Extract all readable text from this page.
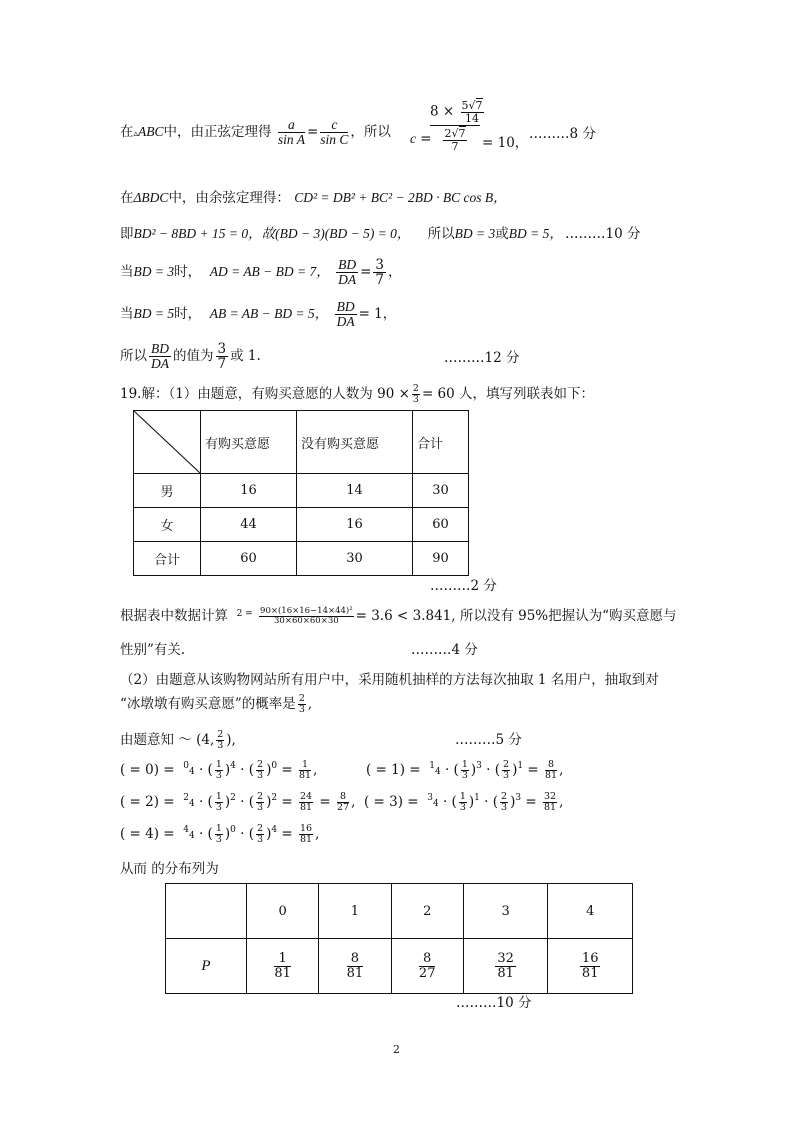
在▵ABC中，由正弦定理得 $\frac{a}{\text{sin A}} = \frac{c}{\text{sin C}}$ ，所以 c =
$8 \times \frac{5√7}{14}$
$\frac{2√7}{7} = 10$，
………8 分
在ΔBDC中，由余弦定理得： CD² = DB² + BC² − 2BD · BC cos B，
即BD² − 8BD + 15 = 0，故(BD − 3)(BD − 5) = 0， 所以BD = 3或BD = 5， ………10 分
当BD = 3时， AD = AB − BD = 7， $\frac{BD}{DA} = \frac{3}{7}$ ，
当BD = 5时， AB = AB − BD = 5， $\frac{BD}{DA} = 1$，
所以 $\frac{BD}{DA}$ 的值为 $\frac{3}{7}$ 或 1.	………12 分
19.解：（1）由题意，有购买意愿的人数为 $90 \times \frac{2}{3} = 60$ 人，填写列联表如下：
	有购买意愿	没有购买意愿	合计
男	16	14	30
女	44	16	60
合计	60	30	90
………2 分
根据表中数据计算 $^{2 =} \frac{\text{90×(16×16−14×44)²}}{30\times 60\times 60\times 30} = 3.6 < 3.841$, 所以没有 95%把握认为“购买意愿与
性别”有关.	………4 分
（2）由题意从该购物网站所有用户中，采用随机抽样的方法每次抽取 1 名用户，抽取到对
“冰墩墩有购买意愿”的概率是 $\frac{2}{3}$ ,
由题意知 ～ (4, $\frac{2}{3}$ ),	………5 分
( = 0) = $^0$4 · ( $\frac{1}{3} )^4$ · ( $\frac{2}{3} )^0 = \frac{1}{81}$ ,	( = 1) = $^1$4 · ( $\frac{1}{3} )^3$ · ( $\frac{2}{3} )^1 = \frac{8}{81}$ ,
( = 2) = $^2$4 · ( $\frac{1}{3} )^2$ · ( $\frac{2}{3} )^2 = \frac{24}{81} = \frac{8}{27}$ , ( = 3) = $^3$4 · ( $\frac{1}{3} )^1$ · ( $\frac{2}{3} )^3 = \frac{32}{81}$ ,
( = 4) = $^4$4 · ( $\frac{1}{3} )^0$ · ( $\frac{2}{3} )^4 = \frac{16}{81}$ ,
从而 的分布列为
	0	1	2	3	4
P	$\frac{1}{81}$	$\frac{8}{81}$	$\frac{8}{27}$	$\frac{32}{81}$	$\frac{16}{81}$
………10 分
2
